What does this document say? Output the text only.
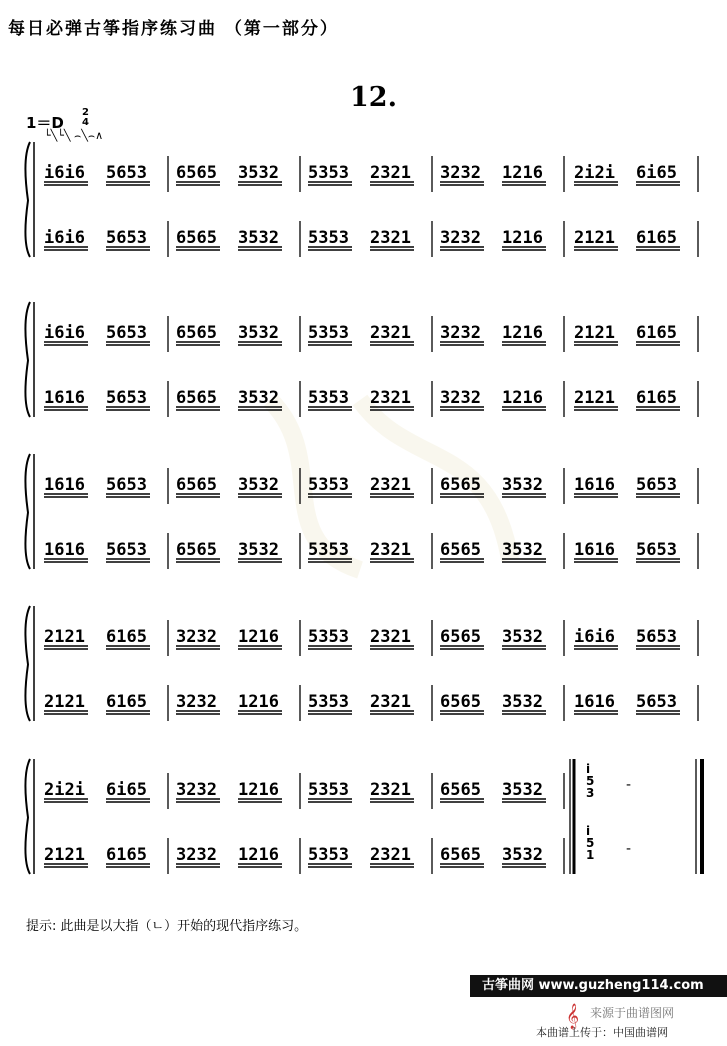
每日必弹古筝指序练习曲 （第一部分）
12.
1＝D
2
4
└╲└╲ ⌢╲⌢∧
i6i6 5653
i6i6 5653
6565 3532
6565 3532
5353 2321
5353 2321
3232 1216
3232 1216
2i2i 6i65
2121 6165
i6i6 5653
1616 5653
6565 3532
6565 3532
5353 2321
5353 2321
3232 1216
3232 1216
2121 6165
2121 6165
1616 5653
1616 5653
6565 3532
6565 3532
5353 2321
5353 2321
6565 3532
6565 3532
1616 5653
1616 5653
2121 6165
2121 6165
3232 1216
3232 1216
5353 2321
5353 2321
6565 3532
6565 3532
i6i6 5653
1616 5653
2i2i 6i65
2121 6165
3232 1216
3232 1216
5353 2321
5353 2321
6565 3532
6565 3532
i
5
3
i
5
1
-
-
提示: 此曲是以大指（ㄴ）开始的现代指序练习。
古筝曲网 www.guzheng114.com
𝄞 来源于曲谱图网
本曲谱上传于：中国曲谱网
